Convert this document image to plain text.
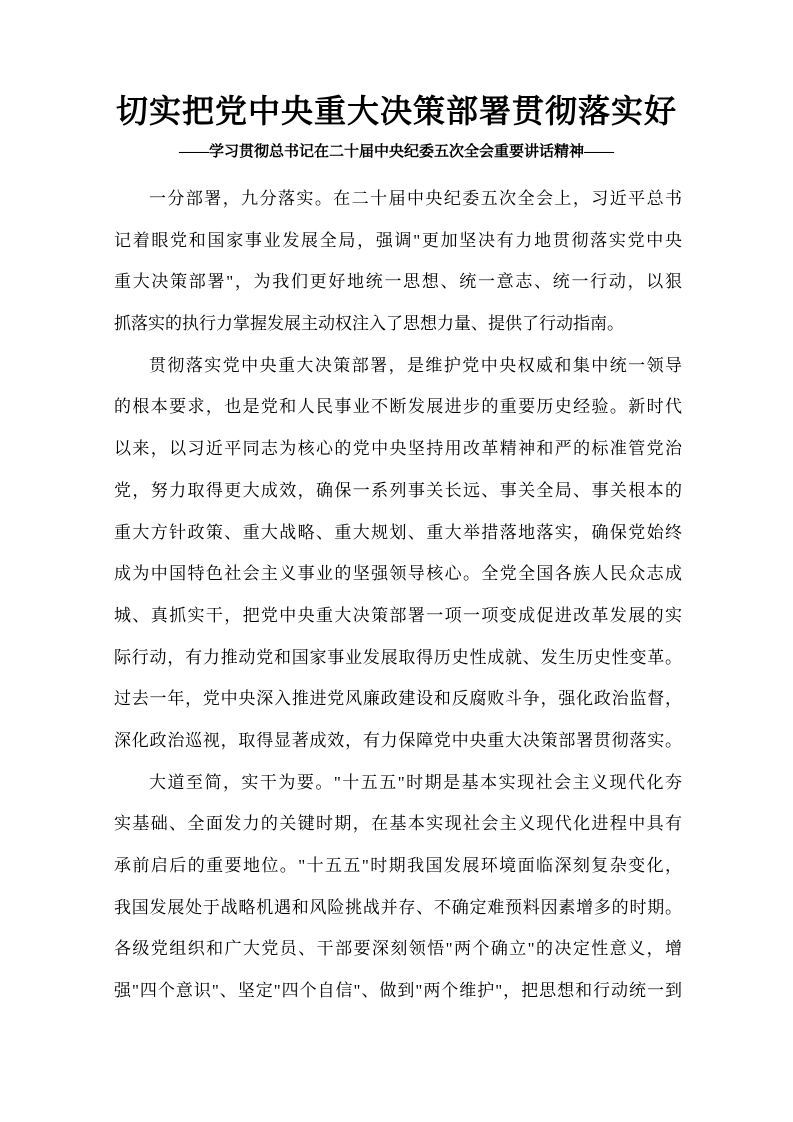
切实把党中央重大决策部署贯彻落实好
——学习贯彻总书记在二十届中央纪委五次全会重要讲话精神——
一分部署，九分落实。在二十届中央纪委五次全会上，习近平总书
记着眼党和国家事业发展全局，强调"更加坚决有力地贯彻落实党中央
重大决策部署"，为我们更好地统一思想、统一意志、统一行动，以狠
抓落实的执行力掌握发展主动权注入了思想力量、提供了行动指南。
贯彻落实党中央重大决策部署，是维护党中央权威和集中统一领导
的根本要求，也是党和人民事业不断发展进步的重要历史经验。新时代
以来，以习近平同志为核心的党中央坚持用改革精神和严的标准管党治
党，努力取得更大成效，确保一系列事关长远、事关全局、事关根本的
重大方针政策、重大战略、重大规划、重大举措落地落实，确保党始终
成为中国特色社会主义事业的坚强领导核心。全党全国各族人民众志成
城、真抓实干，把党中央重大决策部署一项一项变成促进改革发展的实
际行动，有力推动党和国家事业发展取得历史性成就、发生历史性变革。
过去一年，党中央深入推进党风廉政建设和反腐败斗争，强化政治监督，
深化政治巡视，取得显著成效，有力保障党中央重大决策部署贯彻落实。
大道至简，实干为要。"十五五"时期是基本实现社会主义现代化夯
实基础、全面发力的关键时期，在基本实现社会主义现代化进程中具有
承前启后的重要地位。"十五五"时期我国发展环境面临深刻复杂变化，
我国发展处于战略机遇和风险挑战并存、不确定难预料因素增多的时期。
各级党组织和广大党员、干部要深刻领悟"两个确立"的决定性意义，增
强"四个意识"、坚定"四个自信"、做到"两个维护"，把思想和行动统一到
